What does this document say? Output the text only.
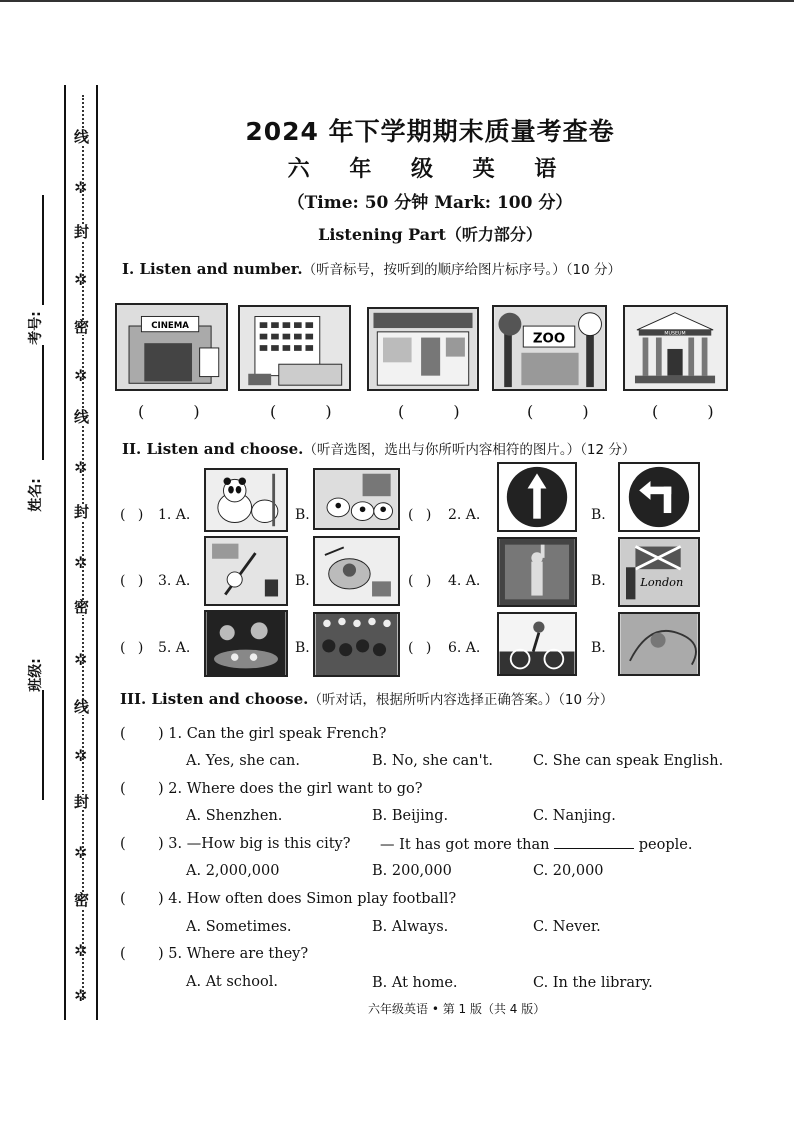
线
✲
封
✲
密
✲
线
✲
封
✲
密
✲
线
✲
封
✲
密
✲
✲
考号:
姓名:
班级:
2024 年下学期期末质量考查卷
六 年 级 英 语
（Time: 50 分钟 Mark: 100 分）
Listening Part（听力部分）
I. Listen and number.（听音标号，按听到的顺序给图片标序号。）（10 分）
CINEMA
ZOO	MUSEUM
( )	( )	( )	( )	( )
II. Listen and choose.（听音选图，选出与你所听内容相符的图片。）（12 分）
( ) 1. A.	B.	( ) 2. A.	B.
( ) 3. A.	B.	( ) 4. A.	B.	London
( ) 5. A.	B.	( ) 6. A.	B.
III. Listen and choose.（听对话，根据所听内容选择正确答案。）（10 分）
( ) 1. Can the girl speak French?
A. Yes, she can.	B. No, she can't.	C. She can speak English.
( ) 2. Where does the girl want to go?
A. Shenzhen.	B. Beijing.	C. Nanjing.
( ) 3. —How big is this city? — It has got more than	people.
A. 2,000,000	B. 200,000	C. 20,000
( ) 4. How often does Simon play football?
A. Sometimes.	B. Always.	C. Never.
( ) 5. Where are they?
A. At school.	B. At home.	C. In the library.
六年级英语 • 第 1 版（共 4 版）
